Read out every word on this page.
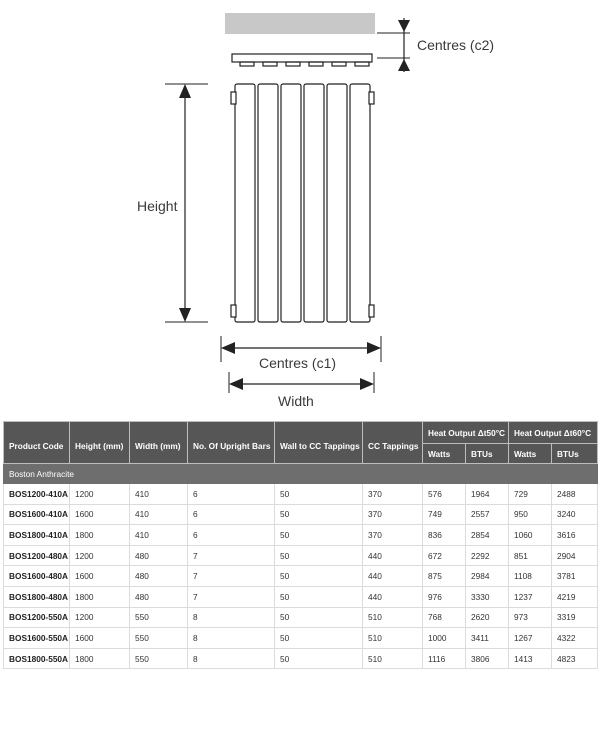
Centres (c2)
Height
Centres (c1)
Width
Product Code	Height (mm)	Width (mm)	No. Of Upright Bars	Wall to CC Tappings	CC Tappings	Heat Output Δt50°C		Heat Output Δt60°C	
						Watts	BTUs	Watts	BTUs
Boston Anthracite									
BOS1200-410A	1200	410	6	50	370	576	1964	729	2488
BOS1600-410A	1600	410	6	50	370	749	2557	950	3240
BOS1800-410A	1800	410	6	50	370	836	2854	1060	3616
BOS1200-480A	1200	480	7	50	440	672	2292	851	2904
BOS1600-480A	1600	480	7	50	440	875	2984	1108	3781
BOS1800-480A	1800	480	7	50	440	976	3330	1237	4219
BOS1200-550A	1200	550	8	50	510	768	2620	973	3319
BOS1600-550A	1600	550	8	50	510	1000	3411	1267	4322
BOS1800-550A	1800	550	8	50	510	1116	3806	1413	4823
